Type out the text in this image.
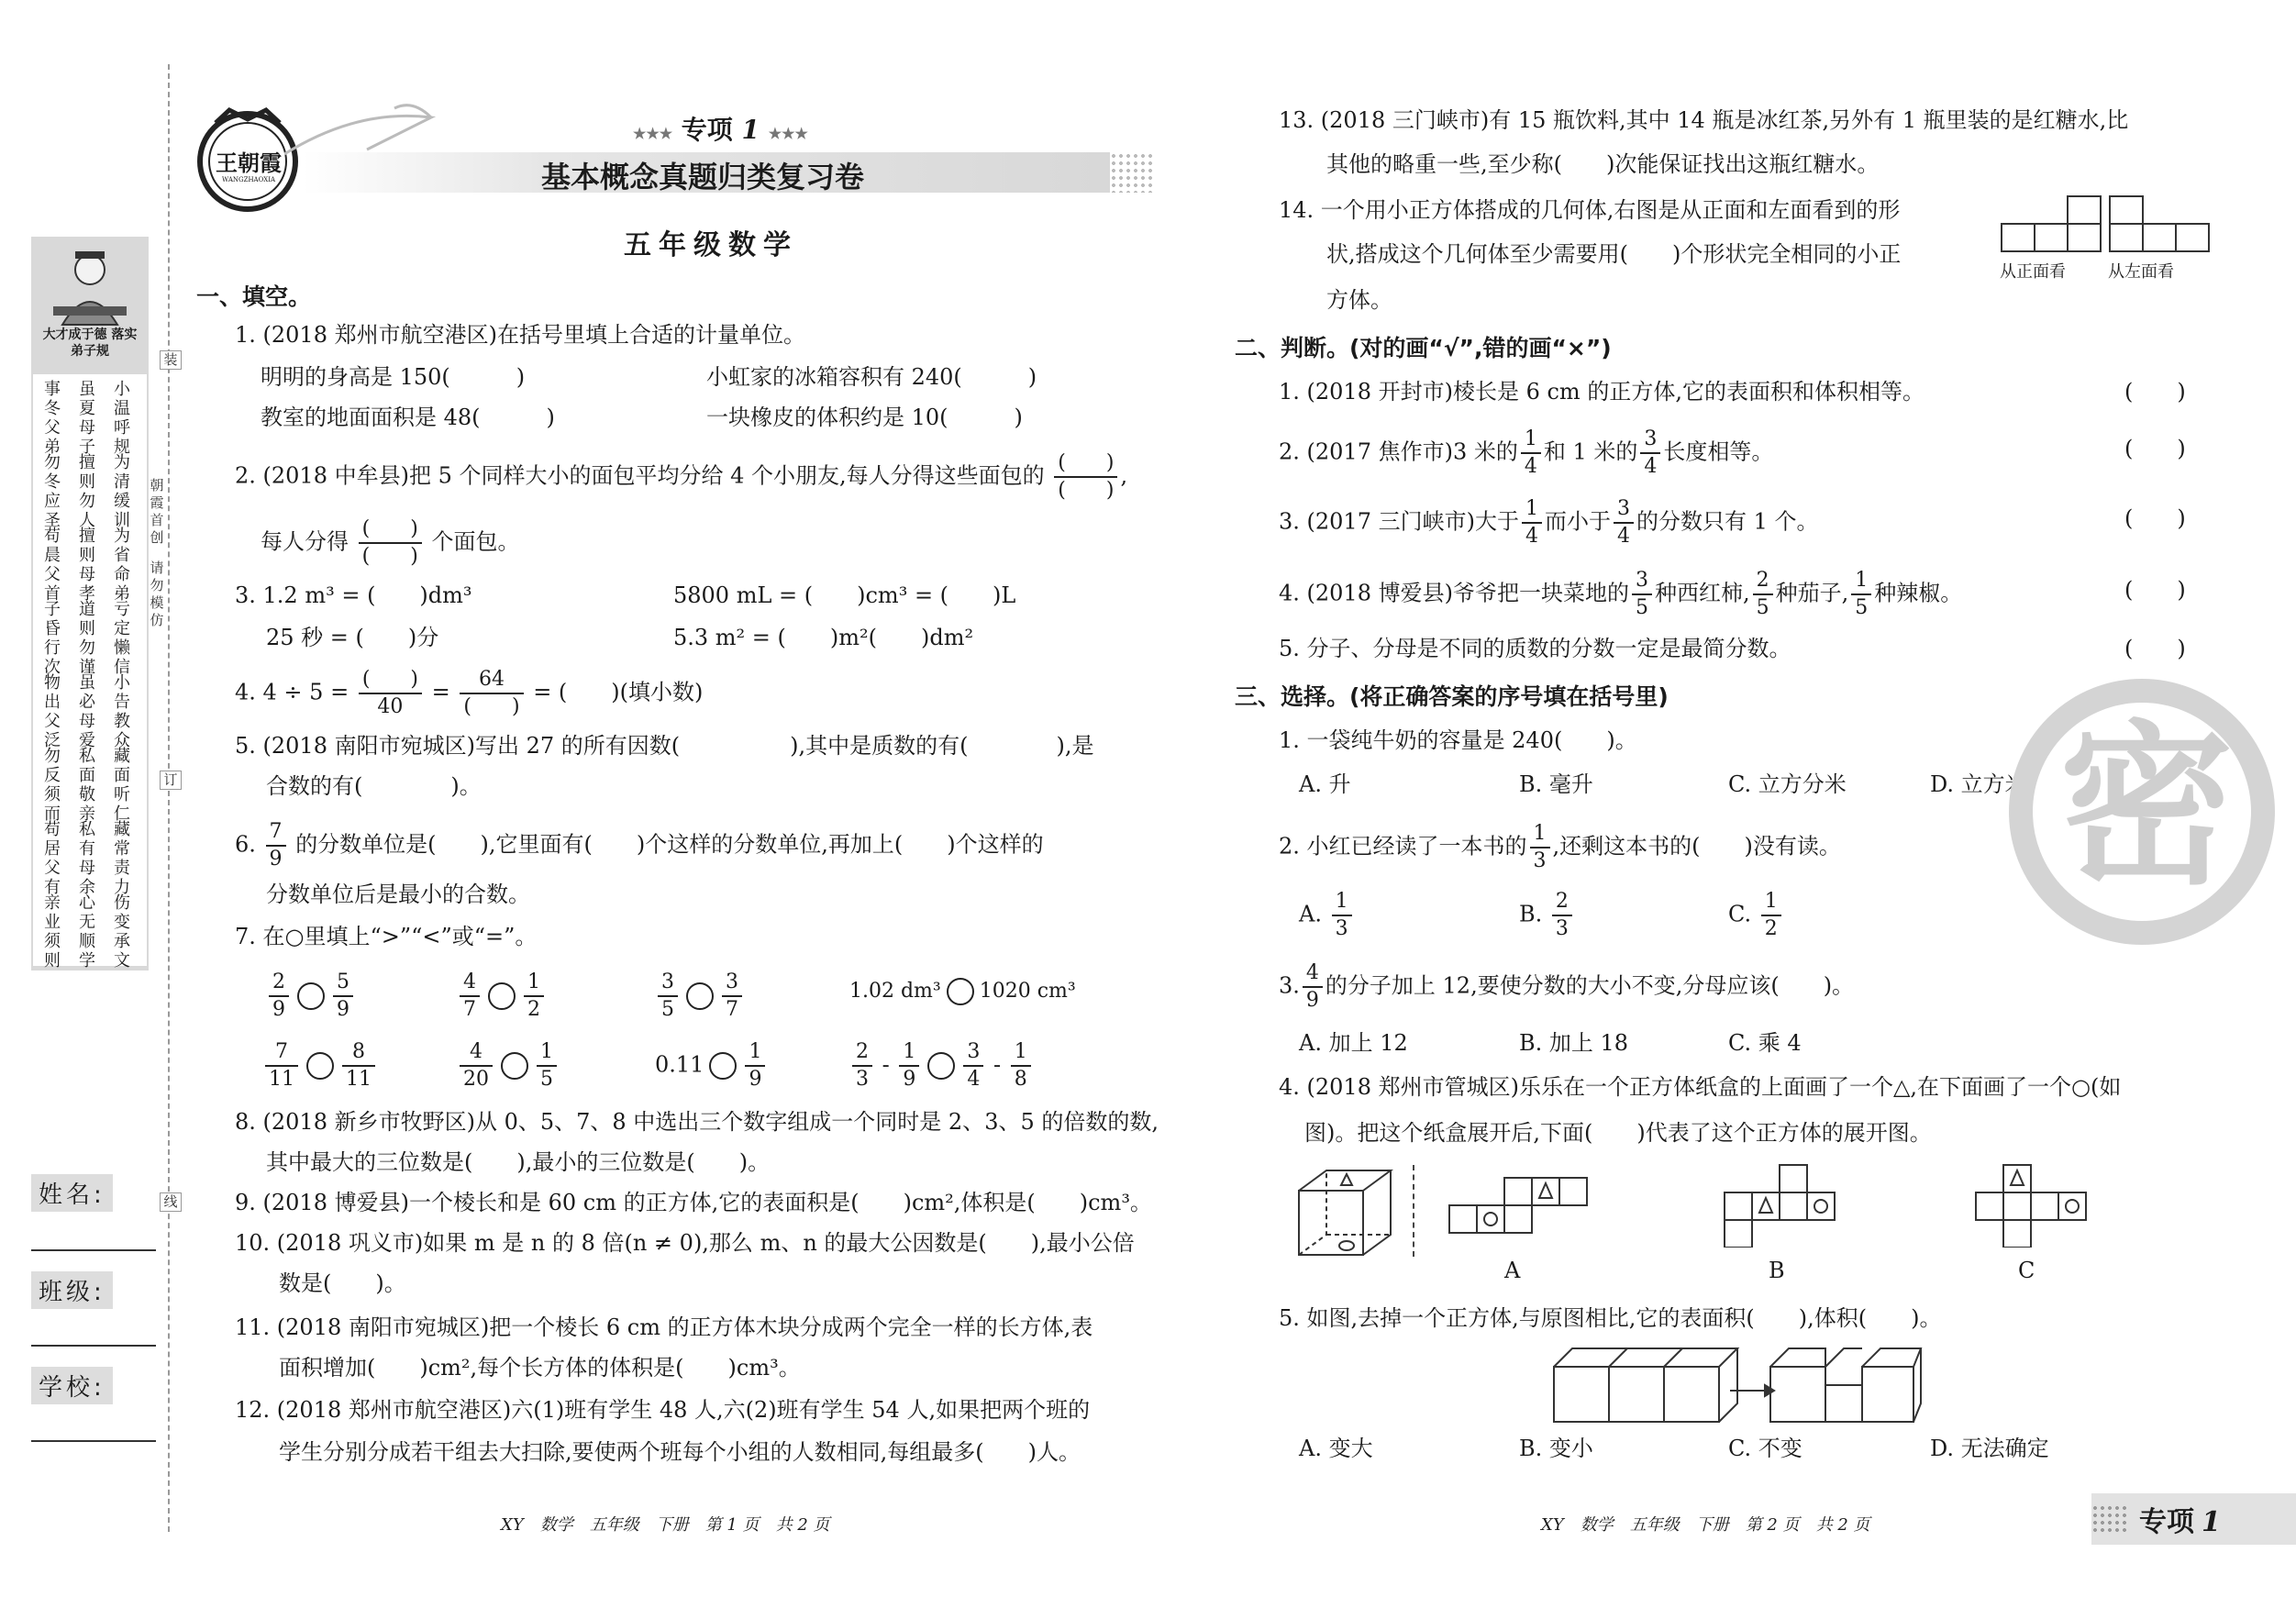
装
订
线
朝霞首创
请勿模仿
大才成于德 落实弟子规
事冬父弟
虽夏母子
小温呼规
勿冬应圣
擅则勿人
为清缓训
苟晨父首
擅则母孝
为省命弟
子昏行次
道则勿谨
亏定懒信
物出父泛
虽必母爱
小告教众
勿反须而
私面敬亲
藏面听仁
苟居父有
私有母余
藏常责力
亲业须则
心无顺学
伤变承文
姓名:
班级:
学校:
王朝霞
WANGZHAOXIA
★★★ 专项 1 ★★★
基本概念真题归类复习卷
五年级数学
一、填空。
1. (2018 郑州市航空港区)在括号里填上合适的计量单位。
明明的身高是 150(　　　)	小虹家的冰箱容积有 240(　　　)
教室的地面面积是 48(　　　)	一块橡皮的体积约是 10(　　　)
2. (2018 中牟县)把 5 个同样大小的面包平均分给 4 个小朋友,每人分得这些面包的 $\frac{( )}{( )}$ ,
每人分得 $\frac{( )}{( )}$ 个面包。
3. 1.2 m³ = (　　)dm³	5800 mL = (　　)cm³ = (　　)L
25 秒 = (　　)分	5.3 m² = (　　)m²(　　)dm²
4. $4 \div 5 = \frac{( )}{40} = \frac{64}{( )}$ = (　　)(填小数)
5. (2018 南阳市宛城区)写出 27 的所有因数(　　　　　),其中是质数的有(　　　　),是
合数的有(　　　　)。
6. $\frac{7}{9}$ 的分数单位是(　　),它里面有(　　)个这样的分数单位,再加上(　　)个这样的
分数单位后是最小的合数。
7. 在○里填上“>”“<”或“=”。
$\frac{2}{9} \frac{5}{9}$	$\frac{4}{7} \frac{1}{2}$	$\frac{3}{5} \frac{3}{7}$	1.02 dm³ 1020 cm³
$\frac{7}{11} \frac{8}{11}$	$\frac{4}{20} \frac{1}{5}$	$0.11 \frac{1}{9}$	$\frac{2}{3} - \frac{1}{9} \frac{3}{4} - \frac{1}{8}$
8. (2018 新乡市牧野区)从 0、5、7、8 中选出三个数字组成一个同时是 2、3、5 的倍数的数,
其中最大的三位数是(　　),最小的三位数是(　　)。
9. (2018 博爱县)一个棱长和是 60 cm 的正方体,它的表面积是(　　)cm²,体积是(　　)cm³。
10. (2018 巩义市)如果 m 是 n 的 8 倍(n ≠ 0),那么 m、n 的最大公因数是(　　),最小公倍
数是(　　)。
11. (2018 南阳市宛城区)把一个棱长 6 cm 的正方体木块分成两个完全一样的长方体,表
面积增加(　　)cm²,每个长方体的体积是(　　)cm³。
12. (2018 郑州市航空港区)六(1)班有学生 48 人,六(2)班有学生 54 人,如果把两个班的
学生分别分成若干组去大扫除,要使两个班每个小组的人数相同,每组最多(　　)人。
XY　数学　五年级　下册　第 1 页　共 2 页
13. (2018 三门峡市)有 15 瓶饮料,其中 14 瓶是冰红茶,另外有 1 瓶里装的是红糖水,比
其他的略重一些,至少称(　　)次能保证找出这瓶红糖水。
14. 一个用小正方体搭成的几何体,右图是从正面和左面看到的形
状,搭成这个几何体至少需要用(　　)个形状完全相同的小正
方体。
从正面看	从左面看
二、判断。(对的画“√”,错的画“×”)
1. (2018 开封市)棱长是 6 cm 的正方体,它的表面积和体积相等。	(　　)
2. (2017 焦作市)3 米的 $\frac{1}{4}$ 和 1 米的 $\frac{3}{4}$ 长度相等。	(　　)
3. (2017 三门峡市)大于 $\frac{1}{4}$ 而小于 $\frac{3}{4}$ 的分数只有 1 个。	(　　)
4. (2018 博爱县)爷爷把一块菜地的 $\frac{3}{5}$ 种西红柿, $\frac{2}{5}$ 种茄子, $\frac{1}{5}$ 种辣椒。	(　　)
5. 分子、分母是不同的质数的分数一定是最简分数。	(　　)
三、选择。(将正确答案的序号填在括号里)
1. 一袋纯牛奶的容量是 240(　　)。
A. 升	B. 毫升	C. 立方分米	D. 立方米
2. 小红已经读了一本书的 $\frac{1}{3}$ ,还剩这本书的(　　)没有读。
A. $\frac{1}{3}$	B. $\frac{2}{3}$	C. $\frac{1}{2}$
3. $\frac{4}{9}$ 的分子加上 12,要使分数的大小不变,分母应该(　　)。
A. 加上 12	B. 加上 18	C. 乘 4
4. (2018 郑州市管城区)乐乐在一个正方体纸盒的上面画了一个△,在下面画了一个○(如
图)。把这个纸盒展开后,下面(　　)代表了这个正方体的展开图。
A	B	C
5. 如图,去掉一个正方体,与原图相比,它的表面积(　　),体积(　　)。
A. 变大	B. 变小	C. 不变	D. 无法确定
XY　数学　五年级　下册　第 2 页　共 2 页	专项 1
密
